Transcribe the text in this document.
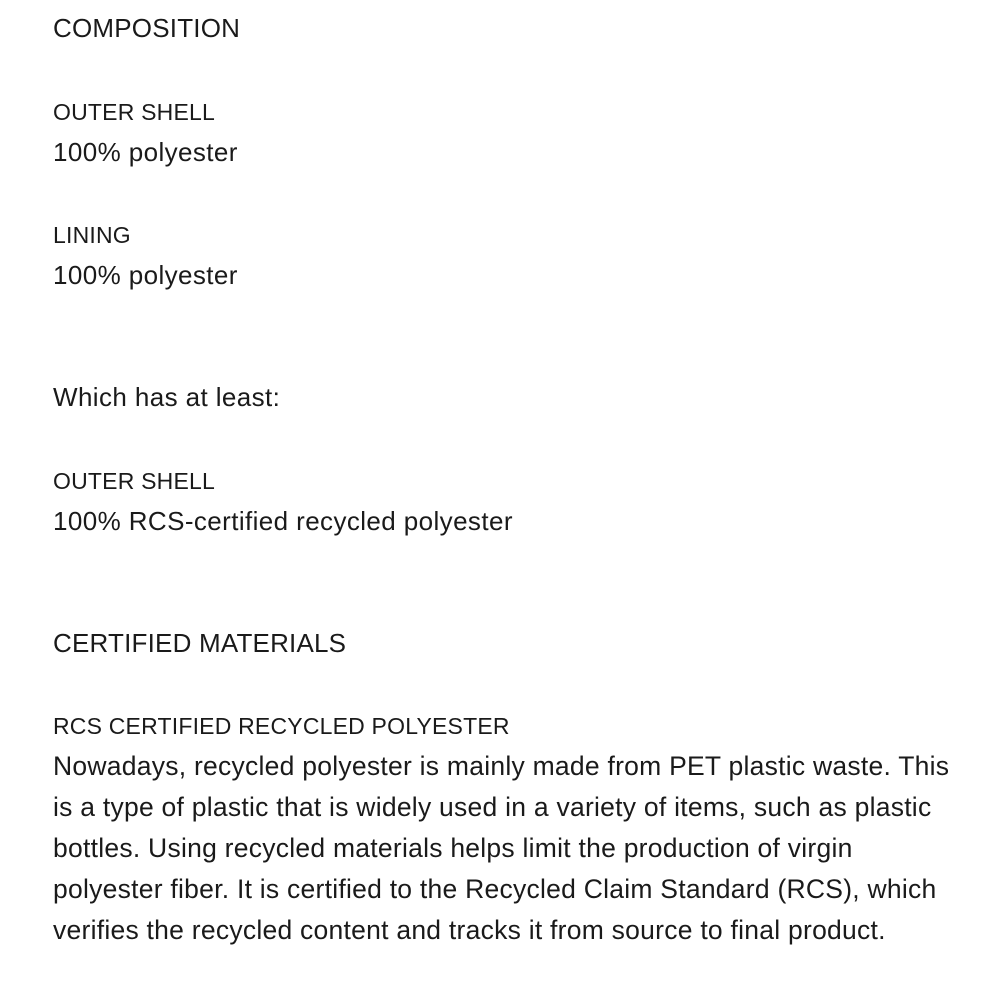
COMPOSITION
OUTER SHELL
100% polyester
LINING
100% polyester
Which has at least:
OUTER SHELL
100% RCS-certified recycled polyester
CERTIFIED MATERIALS
RCS CERTIFIED RECYCLED POLYESTER
Nowadays, recycled polyester is mainly made from PET plastic waste. This is a type of plastic that is widely used in a variety of items, such as plastic bottles. Using recycled materials helps limit the production of virgin polyester fiber. It is certified to the Recycled Claim Standard (RCS), which verifies the recycled content and tracks it from source to final product.
